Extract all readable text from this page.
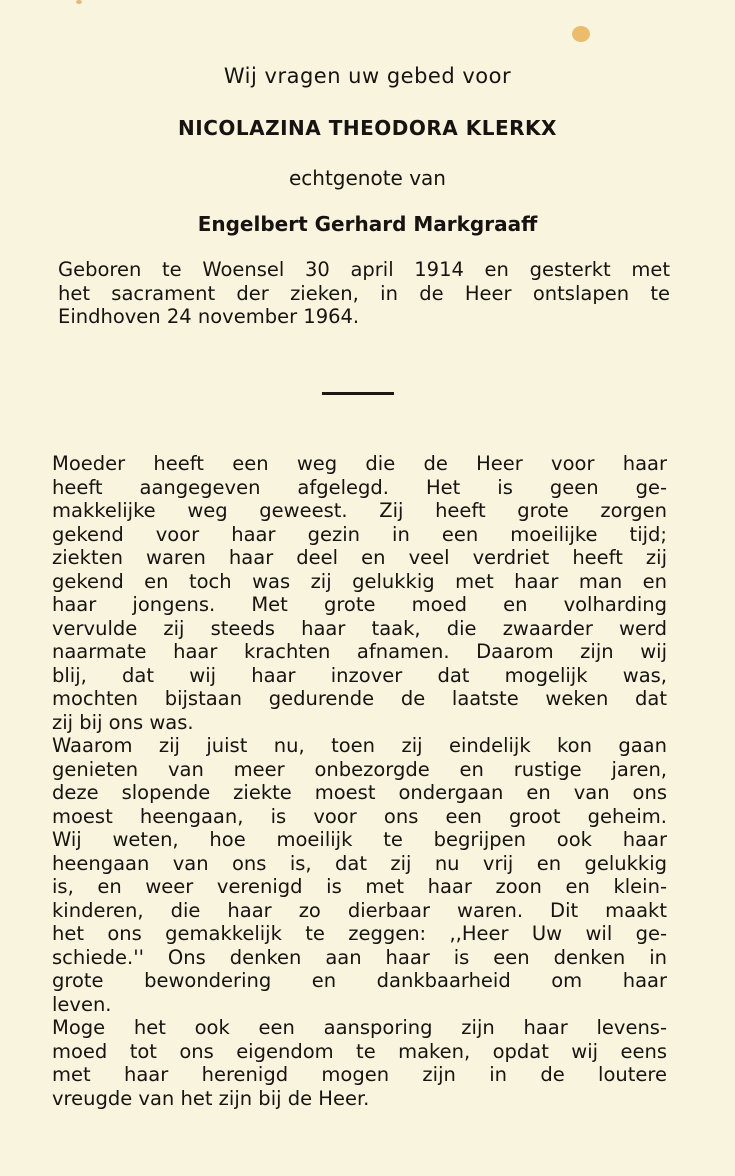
Wij vragen uw gebed voor
NICOLAZINA THEODORA KLERKX
echtgenote van
Engelbert Gerhard Markgraaff
Geboren te Woensel 30 april 1914 en gesterkt met
het sacrament der zieken, in de Heer ontslapen te
Eindhoven 24 november 1964.
Moeder heeft een weg die de Heer voor haar
heeft aangegeven afgelegd. Het is geen ge-
makkelijke weg geweest. Zij heeft grote zorgen
gekend voor haar gezin in een moeilijke tijd;
ziekten waren haar deel en veel verdriet heeft zij
gekend en toch was zij gelukkig met haar man en
haar jongens. Met grote moed en volharding
vervulde zij steeds haar taak, die zwaarder werd
naarmate haar krachten afnamen. Daarom zijn wij
blij, dat wij haar inzover dat mogelijk was,
mochten bijstaan gedurende de laatste weken dat
zij bij ons was.
Waarom zij juist nu, toen zij eindelijk kon gaan
genieten van meer onbezorgde en rustige jaren,
deze slopende ziekte moest ondergaan en van ons
moest heengaan, is voor ons een groot geheim.
Wij weten, hoe moeilijk te begrijpen ook haar
heengaan van ons is, dat zij nu vrij en gelukkig
is, en weer verenigd is met haar zoon en klein-
kinderen, die haar zo dierbaar waren. Dit maakt
het ons gemakkelijk te zeggen: ,,Heer Uw wil ge-
schiede.'' Ons denken aan haar is een denken in
grote bewondering en dankbaarheid om haar
leven.
Moge het ook een aansporing zijn haar levens-
moed tot ons eigendom te maken, opdat wij eens
met haar herenigd mogen zijn in de loutere
vreugde van het zijn bij de Heer.
